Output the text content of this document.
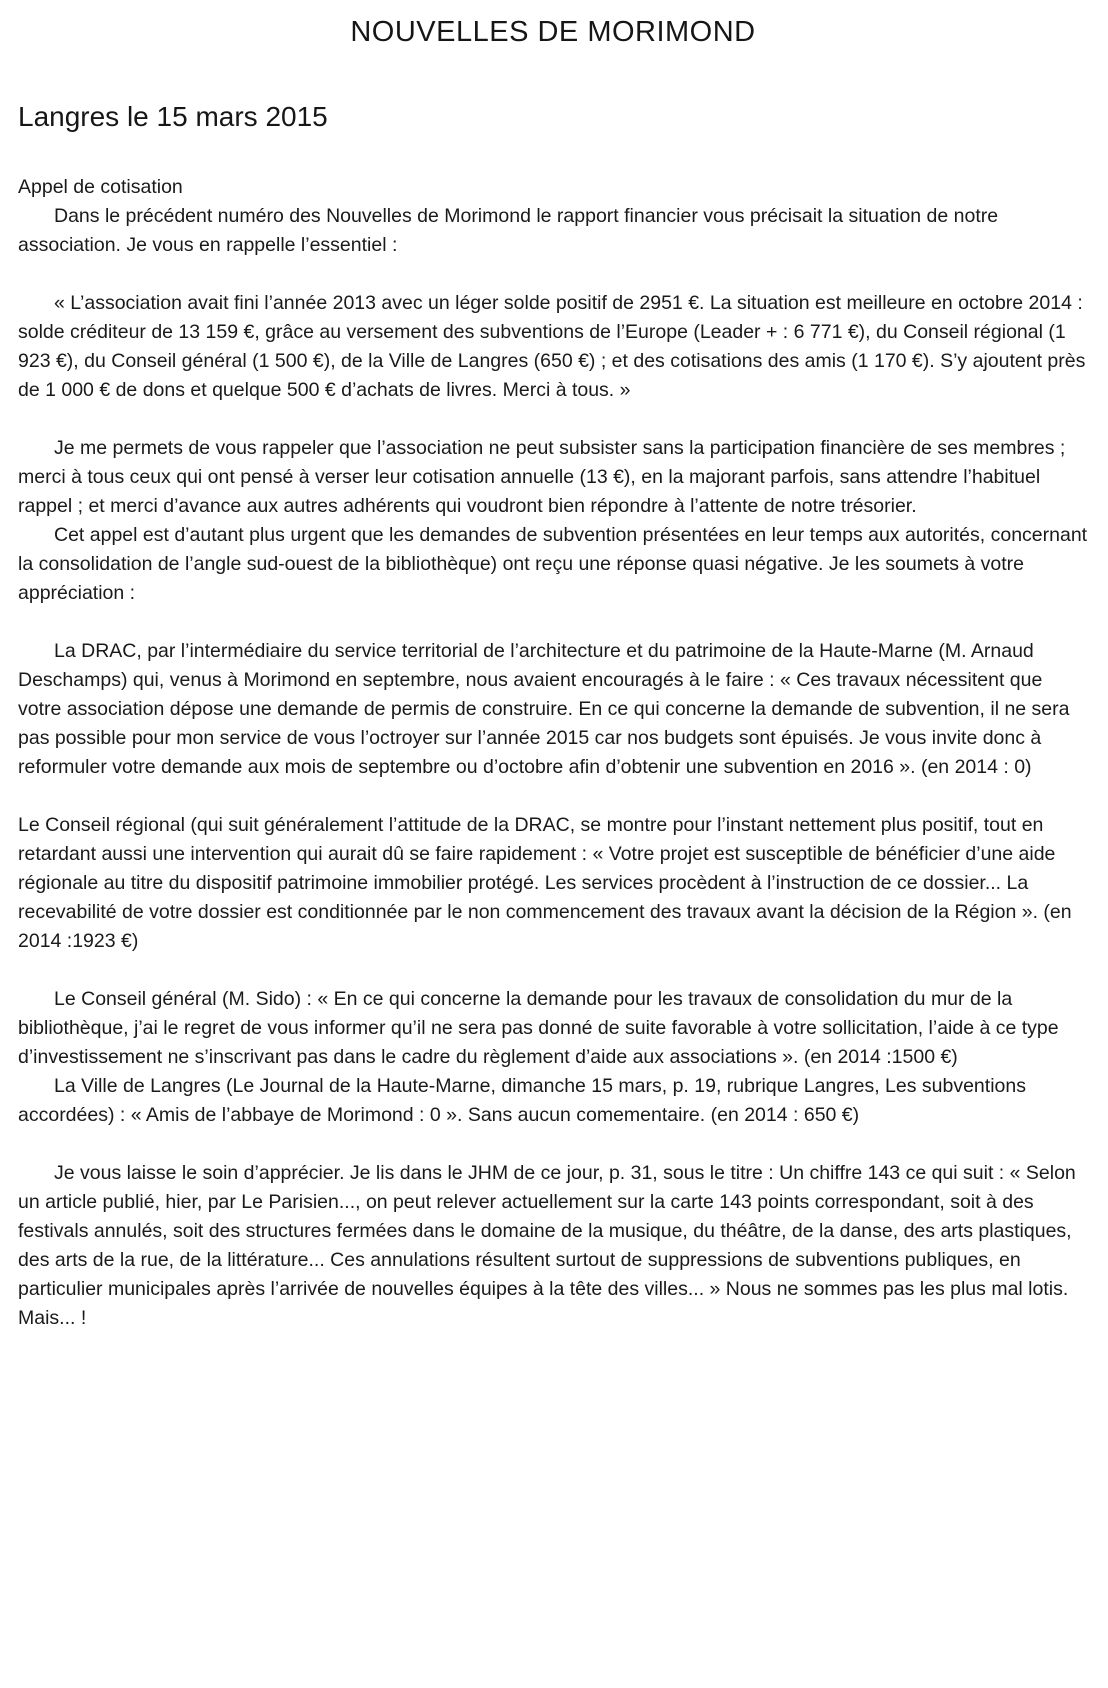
NOUVELLES DE MORIMOND
Langres le 15 mars 2015
Appel de cotisation

Dans le précédent numéro des Nouvelles de Morimond le rapport financier vous précisait la situation de notre association. Je vous en rappelle l’essentiel :

« L’association avait fini l’année 2013 avec un léger solde positif de 2951 €. La situation est meilleure en octobre 2014 : solde créditeur de 13 159 €, grâce au versement des subventions de l’Europe (Leader + : 6 771 €), du Conseil régional (1 923 €), du Conseil général (1 500 €), de la Ville de Langres (650 €) ; et des cotisations des amis (1 170 €). S’y ajoutent près de 1 000 € de dons et quelque 500 € d’achats de livres. Merci à tous. »

Je me permets de vous rappeler que l’association ne peut subsister sans la participation financière de ses membres ; merci à tous ceux qui ont pensé à verser leur cotisation annuelle (13 €), en la majorant parfois, sans attendre l’habituel rappel ; et merci d’avance aux autres adhérents qui voudront bien répondre à l’attente de notre trésorier.

Cet appel est d’autant plus urgent que les demandes de subvention présentées en leur temps aux autorités, concernant la consolidation de l’angle sud-ouest de la bibliothèque) ont reçu une réponse quasi négative. Je les soumets à votre appréciation :

La DRAC, par l’intermédiaire du service territorial de l’architecture et du patrimoine de la Haute-Marne (M. Arnaud Deschamps) qui, venus à Morimond en septembre, nous avaient encouragés à le faire : « Ces travaux nécessitent que votre association dépose une demande de permis de construire. En ce qui concerne la demande de subvention, il ne sera pas possible pour mon service de vous l’octroyer sur l’année 2015 car nos budgets sont épuisés. Je vous invite donc à reformuler votre demande aux mois de septembre ou d’octobre afin d’obtenir une subvention en 2016 ». (en 2014 : 0)

Le Conseil régional (qui suit généralement l’attitude de la DRAC, se montre pour l’instant nettement plus positif, tout en retardant aussi une intervention qui aurait dû se faire rapidement : « Votre projet est susceptible de bénéficier d’une aide régionale au titre du dispositif patrimoine immobilier protégé. Les services procèdent à l’instruction de ce dossier... La recevabilité de votre dossier est conditionnée par le non commencement des travaux avant la décision de la Région ». (en 2014 :1923 €)

Le Conseil général (M. Sido) : « En ce qui concerne la demande pour les travaux de consolidation du mur de la bibliothèque, j’ai le regret de vous informer qu’il ne sera pas donné de suite favorable à votre sollicitation, l’aide à ce type d’investissement ne s’inscrivant pas dans le cadre du règlement d’aide aux associations ». (en 2014 :1500 €)

La Ville de Langres (Le Journal de la Haute-Marne, dimanche 15 mars, p. 19, rubrique Langres, Les subventions accordées) : « Amis de l’abbaye de Morimond : 0 ». Sans aucun comementaire. (en 2014 : 650 €)

Je vous laisse le soin d’apprécier. Je lis dans le JHM de ce jour, p. 31, sous le titre : Un chiffre 143 ce qui suit : « Selon un article publié, hier, par Le Parisien..., on peut relever actuellement sur la carte 143 points correspondant, soit à des festivals annulés, soit des structures fermées dans le domaine de la musique, du théâtre, de la danse, des arts plastiques, des arts de la rue, de la littérature... Ces annulations résultent surtout de suppressions de subventions publiques, en particulier municipales après l’arrivée de nouvelles équipes à la tête des villes... » Nous ne sommes pas les plus mal lotis. Mais... !
